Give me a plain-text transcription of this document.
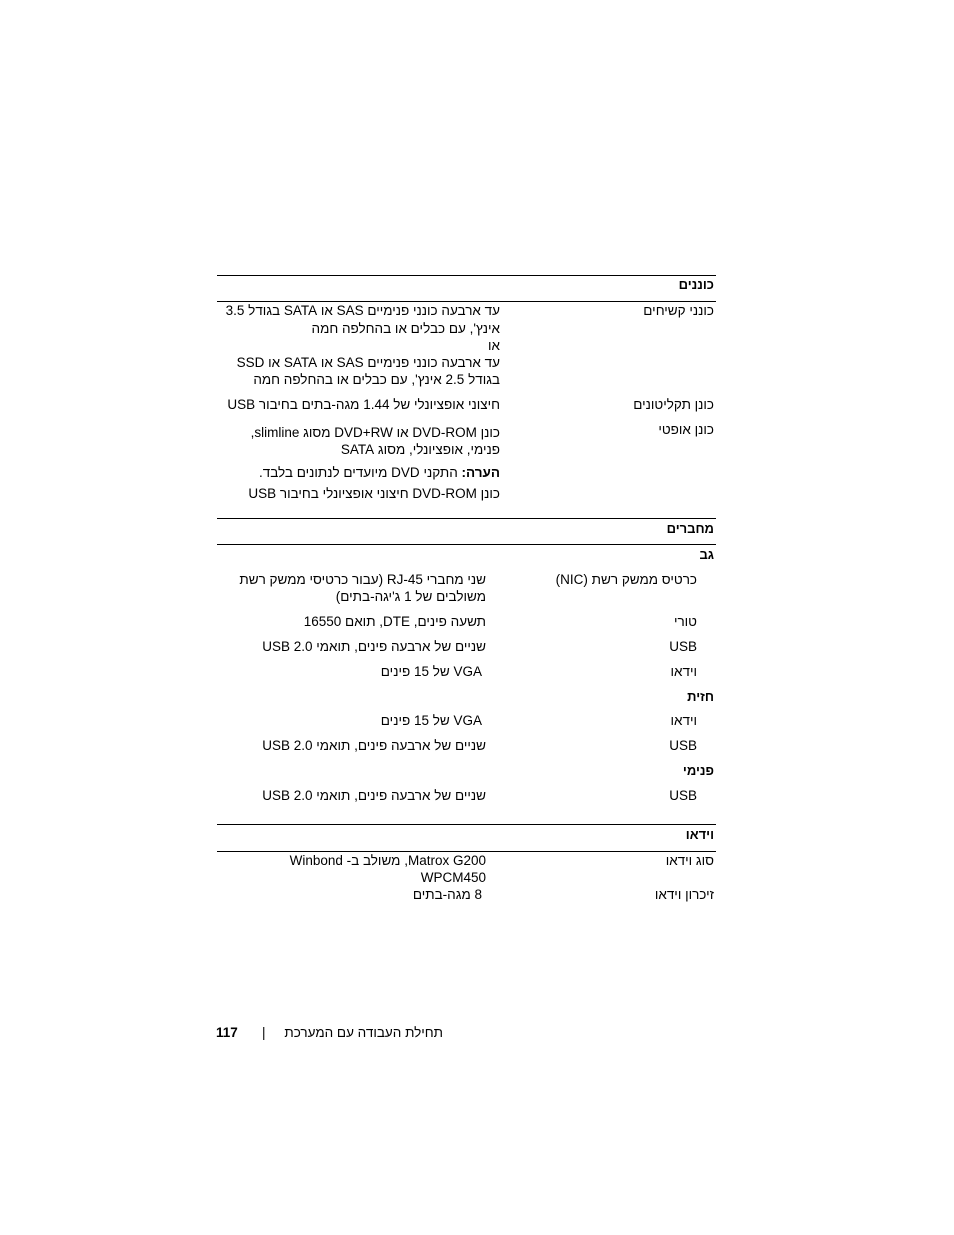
כוננים
כונני קשיחים
עד ארבעה כונני פנימיים SAS או SATA בגודל 3.5
אינץ', עם כבלים או בהחלפה חמה
או
עד ארבעה כונני פנימיים SAS או SATA או SSD
בגודל 2.5 אינץ', עם כבלים או בהחלפה חמה
כונן תקליטונים
חיצוני אופציונלי של 1.44 מגה-בתים בחיבור USB
כונן אופטי
כונן DVD-ROM או DVD+RW מסוג slimline,
פנימי, אופציונלי, מסוג SATA
הערה: התקני DVD מיועדים לנתונים בלבד.
כונן DVD-ROM חיצוני אופציונלי בחיבור USB
מחברים
גב
כרטיס ממשק רשת (NIC)
שני מחברי RJ-45 (עבור כרטיסי ממשק רשת
משולבים של 1 ג'יגה-בתים)
טורי
תשעה פינים, DTE, תואם 16550
USB
שניים של ארבעה פינים, תואמי USB 2.0
וידאו
VGA של 15 פינים
חזית
וידאו
VGA של 15 פינים
USB
שניים של ארבעה פינים, תואמי USB 2.0
פנימי
USB
שניים של ארבעה פינים, תואמי USB 2.0
וידאו
סוג וידאו
Matrox G200, משולב ב- Winbond
WPCM450
זיכרון וידאו
8 מגה-בתים
117 | תחילת העבודה עם המערכת
